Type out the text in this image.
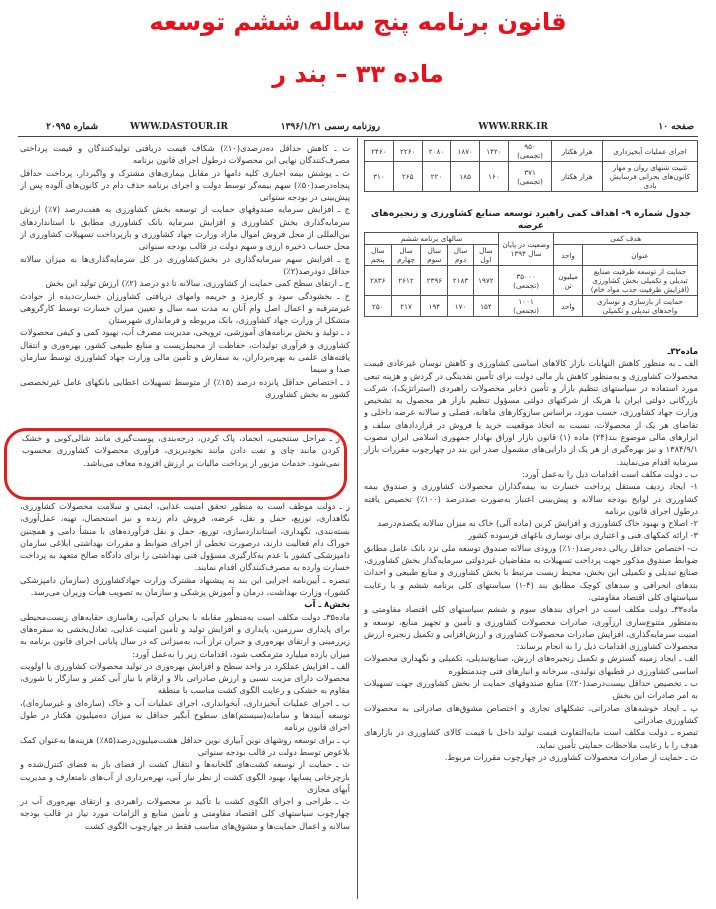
قانون برنامه پنج ساله ششم توسعه
ماده ۳۳ – بند ر
صفحه ۱۰
WWW.RRK.IR
روزنامه رسمی ۱۳۹۶/۱/۲۱
WWW.DASTOUR.IR
شماره ۲۰۹۹۵
اجرای عملیات آبخیزداری	هزار هکتار	۹۵۰
(تجمعی)	۱۴۲۰	۱۸۷۰	۲۰۸۰	۲۲۶۰	۲۴۶۰
تثبیت شنهای روان و مهار کانون‌های بحرانی فرسایش بادی	هزار هکتار	۳۷۱
(تجمعی)	۱۶۰	۱۸۵	۲۲۰	۲۶۵	۳۱۰
جدول شماره ۹- اهداف کمی راهبرد توسعه صنایع کشاورزی و زنجیره‌های عرضه
هدف کمی		وضعیت در پایان سال ۱۳۹۴	سالهای برنامه ششم				
عنوان	واحد		سال اول	سال دوم	سال سوم	سال چهارم	سال پنجم
حمایت از توسعه ظرفیت صنایع تبدیلی و تکمیلی بخش کشاورزی (افزایش ظرفیت جذب مواد خام)	میلیون تن	۳۵۰۰۰
(تجمعی)	۱۹۷۲	۲۱۸۳	۲۳۹۶	۲۶۱۲	۲۸۳۶
حمایت از بازسازی و نوسازی واحدهای تبدیلی و تکمیلی	واحد	۱۰۰۱
(تجمعی)	۱۵۴	۱۷۰	۱۹۴	۲۱۷	۲۵۰

ماده۳۲ـ

الف ـ به منظور کاهش التهابات بازار کالاهای اساسی کشاورزی و کاهش نوسان غیرعادی قیمت محصولات کشاورزی و به‌منظور کاهش بار مالی دولت برای تأمین نقدینگی در گردش و هزینه تبعی مورد استفاده در سیاستهای تنظیم بازار و تأمین ذخایر محصولات راهبردی (استراتژیک)، شرکت بازرگانی دولتی ایران یا هریک از شرکتهای دولتی مسؤول تنظیم بازار هر محصول به تشخیص وزارت جهاد کشاورزی، حسب مورد، براساس سازوکارهای ماهانه، فصلی و سالانه عرضه داخلی و تقاضای هر یک از محصولات، نسبت به اتخاذ موقعیت خرید یا فروش در قراردادهای سلف و ابزارهای مالی موضوع بند(۲۴) ماده (۱) قانون بازار اوراق بهادار جمهوری اسلامی ایران مصوب ۱۳۸۴/۹/۱ و نیز بهره‌گیری از هر یک از دارایی‌های مشمول صدر این بند در چهارچوب مقررات بازار سرمایه اقدام می‌نمایند.

ب ـ دولت مکلف است اقدامات ذیل را به‌عمل آورد:

۱- ایجاد ردیف مستقل پرداخت خسارت به بیمه‌گذاران محصولات کشاورزی و صندوق بیمه کشاورزی در لوایح بودجه سالانه و پیش‌بینی اعتبار به‌صورت صددرصد (۱۰۰٪) تخصیص یافته درطول اجرای قانون برنامه

۲- اصلاح و بهبود خاک کشاورزی و افزایش کربن (ماده آلی) خاک به میزان سالانه یکصدم‌درصد

۳- ارائه کمکهای فنی و اعتباری برای نوسازی باغهای فرسوده کشور

ت- اختصاص حداقل ریالی ده‌درصد(۱۰٪) ورودی سالانه صندوق توسعه ملی نزد بانک عامل مطابق ضوابط صندوق مذکور جهت پرداخت تسهیلات به متقاضیان غیردولتی سرمایه‌گذار بخش کشاورزی، صنایع تبدیلی و تکمیلی این بخش، محیط زیست مرتبط با بخش کشاورزی و منابع طبیعی و احداث بندهای انحرافی و سدهای کوچک مطابق بند (۴-۱) سیاستهای کلی برنامه ششم و با رعایت سیاستهای کلی اقتصاد مقاومتی.

ماده۳۳ـ دولت مکلف است در اجرای بندهای سوم و ششم سیاستهای کلی اقتصاد مقاومتی و به‌منظور متنوع‌سازی ارزآوری، صادرات محصولات کشاورزی و تأمین و تجهیز منابع، توسعه و امنیت سرمایه‌گذاری، افزایش صادرات محصولات کشاورزی و ارزش‌افزایی و تکمیل زنجیره ارزش محصولات کشاورزی اقدامات ذیل را به انجام برساند:

الف ـ ایجاد زمینه گسترش و تکمیل زنجیره‌های ارزش، صنایع‌تبدیلی، تکمیلی و نگهداری محصولات اساسی کشاورزی در قطبهای تولیدی، سرخانه و انبارهای فنی چندمنظوره

ب ـ تخصیص حداقل بیست‌درصد(۲۰٪) منابع صندوقهای حمایت از بخش کشاورزی جهت تسهیلات به امر صادرات این بخش

پ ـ ایجاد خوشه‌های صادراتی، تشکلهای تجاری و اختصاص مشوق‌های صادراتی به محصولات کشاورزی صادراتی

تبصره ـ دولت مکلف است مابه‌التفاوت قیمت تولید داخل با قیمت کالای کشاورزی در بازارهای هدف را با رعایت ملاحظات حمایتی تأمین نماید.

ث ـ حمایت از صادرات محصولات کشاورزی در چهارچوب مقررات مربوط.

ت ـ کاهش حداقل ده‌درصدی(۱۰٪) شکاف قیمت دریافتی تولیدکنندگان و قیمت پرداختی مصرف‌کنندگان نهایی این محصولات درطول اجرای قانون برنامه

ث ـ پوشش بیمه اجباری کلیه دامها در مقابل بیماری‌های مشترک و واگیردار، پرداخت حداقل پنجاه‌درصد(۵۰٪) سهم بیمه‌گر توسط دولت و اجرای برنامه حذف دام در کانون‌های آلوده پس از پیش‌بینی در بودجه سنواتی

ج ـ افزایش سرمایه صندوقهای حمایت از توسعه بخش کشاورزی به هفت‌درصد (۷٪) ارزش سرمایه‌گذاری بخش کشاورزی و افزایش سرمایه بانک کشاورزی مطابق با استانداردهای بین‌المللی از محل فروش اموال مازاد وزارت جهاد کشاورزی و بازپرداخت تسهیلات کشاورزی از محل حساب ذخیره ارزی و سهم دولت در قالب بودجه سنواتی

چ ـ افزایش سهم سرمایه‌گذاری در بخش‌کشاورزی در کل سرمایه‌گذاری‌ها به میزان سالانه حداقل دودرصد(۲٪)

ح ـ ارتقای سطح کمی حمایت از کشاورزی، سالانه تا دو درصد (۲٪) ارزش تولید این بخش

خ ـ بخشودگی سود و کارمزد و جریمه وامهای دریافتی کشاورزان خسارت‌دیده از حوادث غیرمترقبه و اعمال اصل وام آنان به مدت سه سال و تعیین میزان خسارت توسط کارگروهی متشکل از وزارت جهاد کشاورزی، بانک مربوطه و فرمانداری شهرستان

د ـ تولید و بخش برنامه‌های آموزشی، ترویجی، مدیریت مصرف آب، بهبود کمی و کیفی محصولات کشاورزی و فرآوری تولیدات، حفاظت از محیط‌زیست و منابع طبیعی کشور، بهره‌وری و انتقال یافته‌های علمی به بهره‌برداران، به سفارش و تأمین مالی وزارت جهاد کشاورزی توسط سازمان صدا و سیما

ذ ـ اختصاص حداقل پانزده درصد (۱۵٪) از متوسط تسهیلات اعطایی بانکهای عامل غیرتخصصی کشور به بخش کشاورزی

ر ـ مراحل سنتجینی، انجماد، پاک کردن، درجه‌بندی، پوست‌گیری مانند شالی‌کوبی و خشک کردن مانند چای و تفت دادن مانند نخودبریزی، فرآوری محصولات کشاورزی محسوب نمی‌شود. خدمات مزبور از پرداخت مالیات بر ارزش افزوده معاف می‌باشد.

ز ـ دولت موظف است به منظور تحقق امنیت غذایی، ایمنی و سلامت محصولات کشاورزی، نگاهداری، توزیع، حمل و نقل، عرضه، فروش دام زنده و نیز استحصال، تهیه، عمل‌آوری، بسته‌بندی، نگهداری، استانداردسازی، توزیع، حمل و نقل فرآورده‌های با منشأ دامی و همچنین خوراک دام فعالیت دارند، درصورت تخطی از اجرای ضوابط و مقررات بهداشتی ابلاغی سازمان دامپزشکی کشور با عدم به‌کارگیری مسؤول فنی بهداشتی را برای دادگاه صالح متعهد به پرداخت خسارت وارده به مصرف‌کنندگان اقدام نمایند.

تبصره ـ آیین‌نامه اجرایی این بند به پیشنهاد مشترک وزارت جهادکشاورزی (سازمان دامپزشکی کشور)، وزارت بهداشت، درمان و آموزش پزشکی و سازمان به تصویب هیأت وزیران می‌رسد.

بخش۸ ـ آب

ماده۳۵ـ دولت مکلف است به‌منظور مقابله با بحران کم‌آبی، رهاسازی حقابه‌های زیست‌محیطی برای پایداری سرزمین، پایداری و افزایش تولید و تأمین امنیت غذایی، تعادل‌بخشی به سفره‌های زیرزمینی و ارتقای بهره‌وری و جبران تراز آب، به‌میزانی که در سال پایانی اجرای قانون برنامه به میزان یازده میلیارد مترمکعب شود، اقدامات زیر را به‌عمل آورد:

الف ـ افزایش عملکرد در واحد سطح و افزایش بهره‌وری در تولید محصولات کشاورزی با اولویت محصولات دارای مزیت نسبی و ارزش صادراتی بالا و ارقام با نیاز آبی کمتر و سازگار با شوری، مقاوم به خشکی و رعایت الگوی کشت مناسب با منطقه

ب ـ اجرای عملیات آبخیزداری، آبخوانداری، اجرای عملیات آب و خاک (سازه‌ای و غیرسازه‌ای)، توسعه آبیندها و سامانه(سیستم)های سطوح آبگیر حداقل به میزان ده‌میلیون هکتار در طول اجرای قانون برنامه

پ ـ برای توسعه روشهای نوین آبیاری نوین حداقل هشت‌میلیون‌درصد(۸۵٪) هزینه‌ها به‌عنوان کمک بلاعوض توسط دولت در قالب بودجه سنواتی

ت ـ حمایت از توسعه کشت‌های گلخانه‌ها و انتقال کشت از فضای باز به فضای کنترل‌شده و بازچرخانی پسابها، بهبود الگوی کشت از نظر نیاز آبی، بهره‌برداری از آب‌های نامتعارف و مدیریت آبهای مجازی

ث ـ طراحی و اجرای الگوی کشت با تأکید بر محصولات راهبردی و ارتقای بهره‌وری آب در چهارچوب سیاستهای کلی اقتصاد مقاومتی و تأمین منابع و الزامات مورد نیاز در قالب بودجه سالانه و اعمال حمایت‌ها و مشوق‌های مناسب فقط در چهارچوب الگوی کشت
